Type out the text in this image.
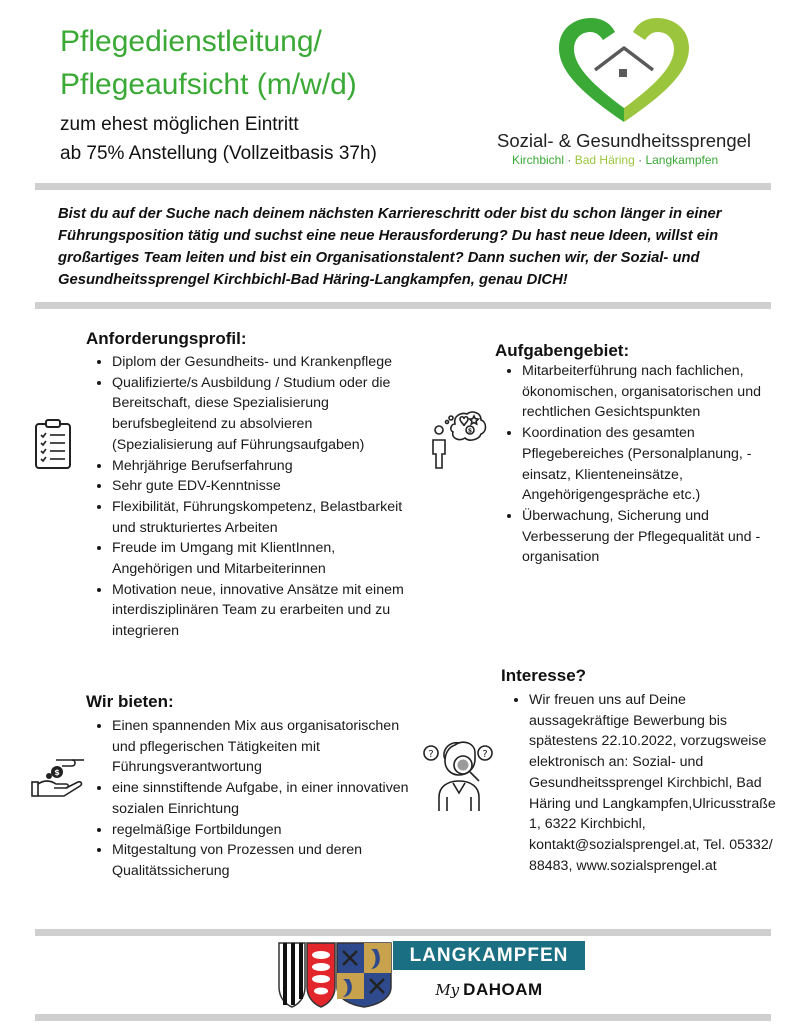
Pflegedienstleitung/
Pflegeaufsicht (m/w/d)
zum ehest möglichen Eintritt
ab 75% Anstellung (Vollzeitbasis 37h)
Sozial- & Gesundheitssprengel
Kirchbichl · Bad Häring · Langkampfen
Bist du auf der Suche nach deinem nächsten Karriereschritt oder bist du schon länger in einer Führungsposition tätig und suchst eine neue Herausforderung? Du hast neue Ideen, willst ein großartiges Team leiten und bist ein Organisationstalent? Dann suchen wir, der Sozial- und Gesundheitssprengel Kirchbichl-Bad Häring-Langkampfen, genau DICH!
Anforderungsprofil:
• Diplom der Gesundheits- und Krankenpflege
• Qualifizierte/s Ausbildung / Studium oder die Bereitschaft, diese Spezialisierung berufsbegleitend zu absolvieren (Spezialisierung auf Führungsaufgaben)
• Mehrjährige Berufserfahrung
• Sehr gute EDV-Kenntnisse
• Flexibilität, Führungskompetenz, Belastbarkeit und strukturiertes Arbeiten
• Freude im Umgang mit KlientInnen, Angehörigen und Mitarbeiterinnen
• Motivation neue, innovative Ansätze mit einem interdisziplinären Team zu erarbeiten und zu integrieren
Aufgabengebiet:
• Mitarbeiterführung nach fachlichen, ökonomischen, organisatorischen und rechtlichen Gesichtspunkten
• Koordination des gesamten Pflegebereiches (Personalplanung, -einsatz, Klienteneinsätze, Angehörigengespräche etc.)
• Überwachung, Sicherung und Verbesserung der Pflegequalität und -organisation
$
Wir bieten:
• Einen spannenden Mix aus organisatorischen und pflegerischen Tätigkeiten mit Führungsverantwortung
• eine sinnstiftende Aufgabe, in einer innovativen sozialen Einrichtung
• regelmäßige Fortbildungen
• Mitgestaltung von Prozessen und deren Qualitätssicherung
$
Interesse?
• Wir freuen uns auf Deine aussagekräftige Bewerbung bis spätestens 22.10.2022, vorzugsweise elektronisch an: Sozial- und Gesundheitssprengel Kirchbichl, Bad Häring und Langkampfen,Ulricusstraße 1, 6322 Kirchbichl, kontakt@sozialsprengel.at, Tel. 05332/ 88483, www.sozialsprengel.at
?	?
LANGKAMPFEN
My DAHOAM
